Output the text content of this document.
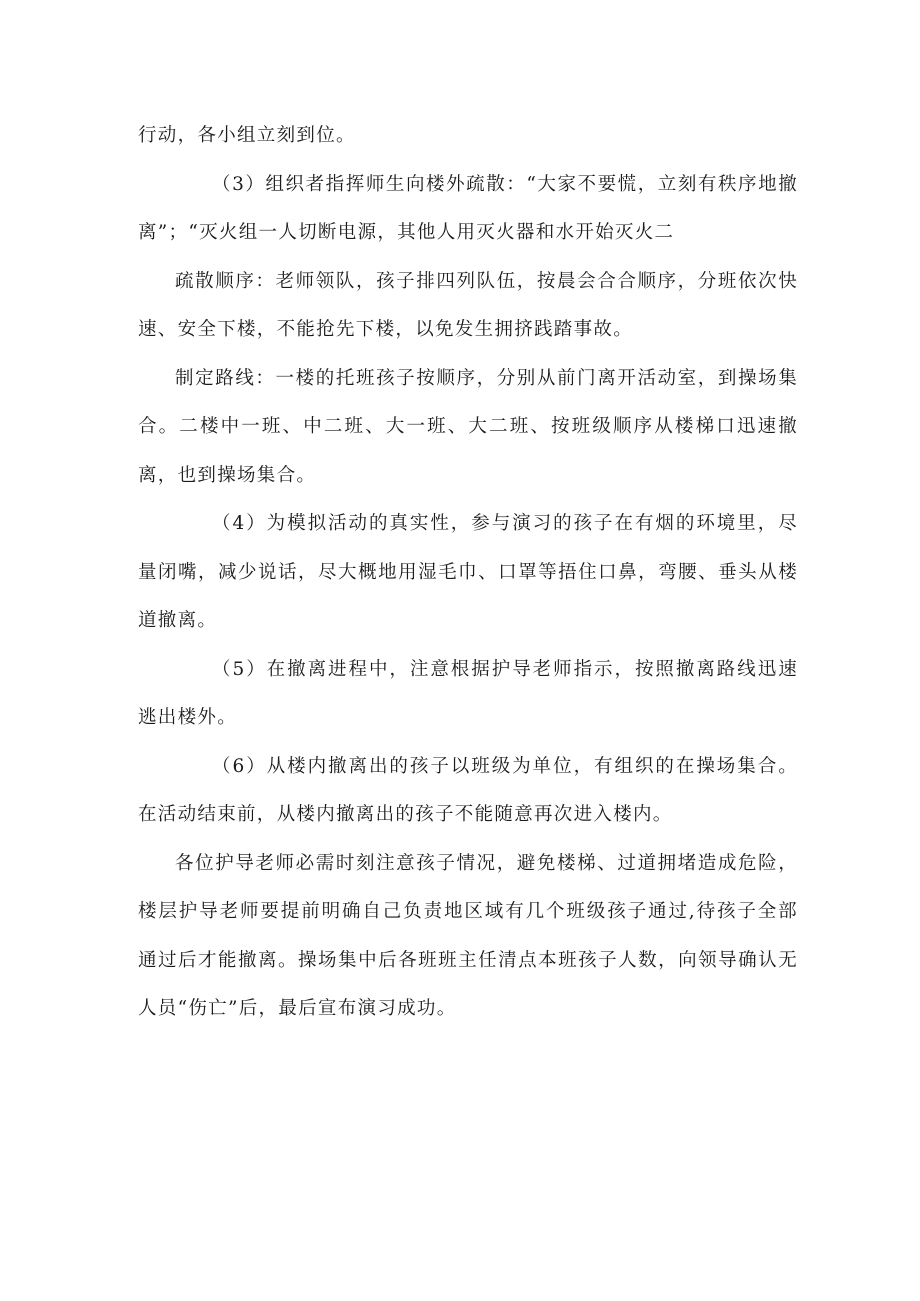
行动，各小组立刻到位。

（3）组织者指挥师生向楼外疏散：“大家不要慌，立刻有秩序地撤离”；“灭火组一人切断电源，其他人用灭火器和水开始灭火二

疏散顺序：老师领队，孩子排四列队伍，按晨会合合顺序，分班依次快速、安全下楼，不能抢先下楼，以免发生拥挤践踏事故。

制定路线：一楼的托班孩子按顺序，分别从前门离开活动室，到操场集合。二楼中一班、中二班、大一班、大二班、按班级顺序从楼梯口迅速撤离，也到操场集合。

（4）为模拟活动的真实性，参与演习的孩子在有烟的环境里，尽量闭嘴，减少说话，尽大概地用湿毛巾、口罩等捂住口鼻，弯腰、垂头从楼道撤离。

（5）在撤离进程中，注意根据护导老师指示，按照撤离路线迅速逃出楼外。

（6）从楼内撤离出的孩子以班级为单位，有组织的在操场集合。在活动结束前，从楼内撤离出的孩子不能随意再次进入楼内。

各位护导老师必需时刻注意孩子情况，避免楼梯、过道拥堵造成危险，楼层护导老师要提前明确自己负责地区域有几个班级孩子通过,待孩子全部通过后才能撤离。操场集中后各班班主任清点本班孩子人数，向领导确认无人员“伤亡”后，最后宣布演习成功。
